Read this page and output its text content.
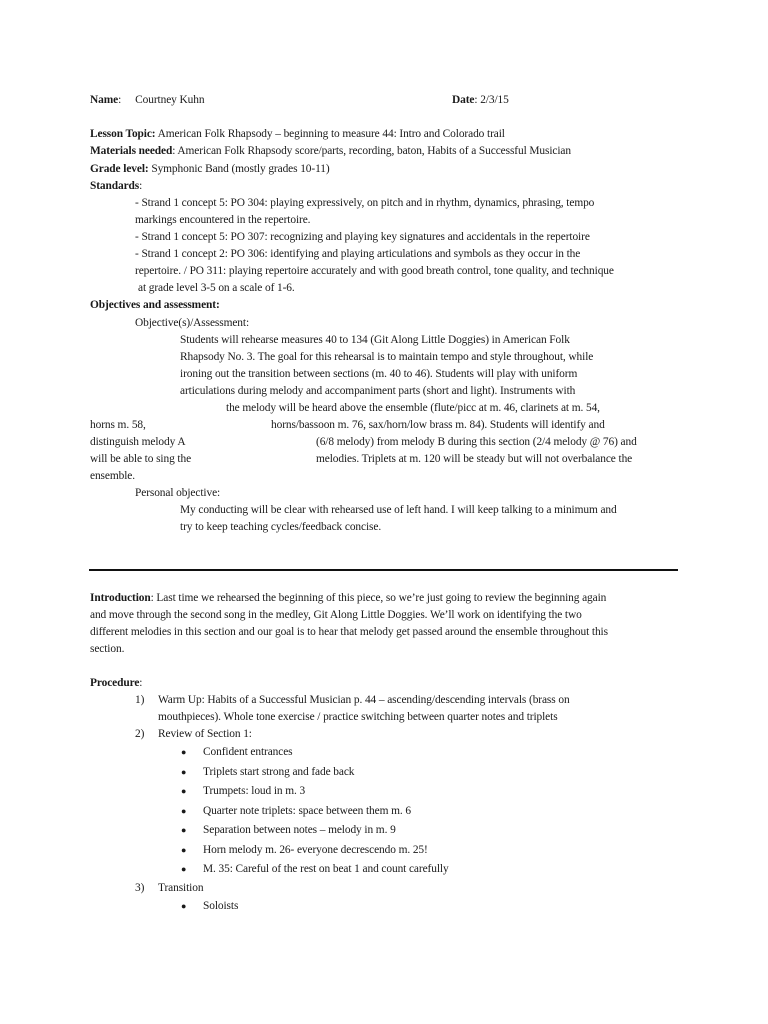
Name: Courtney Kuhn	Date: 2/3/15
Lesson Topic: American Folk Rhapsody – beginning to measure 44: Intro and Colorado trail
Materials needed: American Folk Rhapsody score/parts, recording, baton, Habits of a Successful Musician
Grade level: Symphonic Band (mostly grades 10-11)
Standards:
- Strand 1 concept 5: PO 304: playing expressively, on pitch and in rhythm, dynamics, phrasing, tempo
markings encountered in the repertoire.
- Strand 1 concept 5: PO 307: recognizing and playing key signatures and accidentals in the repertoire
- Strand 1 concept 2: PO 306: identifying and playing articulations and symbols as they occur in the
repertoire. / PO 311: playing repertoire accurately and with good breath control, tone quality, and technique
at grade level 3-5 on a scale of 1-6.
Objectives and assessment:
Objective(s)/Assessment:
Students will rehearse measures 40 to 134 (Git Along Little Doggies) in American Folk
Rhapsody No. 3. The goal for this rehearsal is to maintain tempo and style throughout, while
ironing out the transition between sections (m. 40 to 46). Students will play with uniform
articulations during melody and accompaniment parts (short and light). Instruments with
the melody will be heard above the ensemble (flute/picc at m. 46, clarinets at m. 54,
horns m. 58,	horns/bassoon m. 76, sax/horn/low brass m. 84). Students will identify and
distinguish melody A	(6/8 melody) from melody B during this section (2/4 melody @ 76) and
will be able to sing the	melodies. Triplets at m. 120 will be steady but will not overbalance the
ensemble.
Personal objective:
My conducting will be clear with rehearsed use of left hand. I will keep talking to a minimum and
try to keep teaching cycles/feedback concise.
Introduction: Last time we rehearsed the beginning of this piece, so we’re just going to review the beginning again
and move through the second song in the medley, Git Along Little Doggies. We’ll work on identifying the two
different melodies in this section and our goal is to hear that melody get passed around the ensemble throughout this
section.
Procedure:
1) Warm Up: Habits of a Successful Musician p. 44 – ascending/descending intervals (brass on
mouthpieces). Whole tone exercise / practice switching between quarter notes and triplets
2) Review of Section 1:
● Confident entrances
● Triplets start strong and fade back
● Trumpets: loud in m. 3
● Quarter note triplets: space between them m. 6
● Separation between notes – melody in m. 9
● Horn melody m. 26- everyone decrescendo m. 25!
● M. 35: Careful of the rest on beat 1 and count carefully
3) Transition
● Soloists
